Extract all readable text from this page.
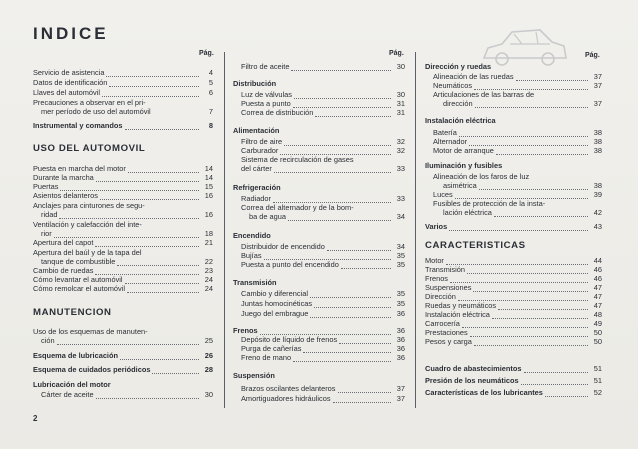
INDICE
Pág.
Servicio de asistencia	4
Datos de identificación	5
Llaves del automóvil	6
Precauciones a observar en el pri-
mer período de uso del automóvil	7
Instrumental y comandos	8
USO DEL AUTOMOVIL
Puesta en marcha del motor	14
Durante la marcha	14
Puertas	15
Asientos delanteros	16
Anclajes para cinturones de segu-
ridad	16
Ventilación y calefacción del inte-
rior	18
Apertura del capot	21
Apertura del baúl y de la tapa del
tanque de combustible	22
Cambio de ruedas	23
Cómo levantar el automóvil	24
Cómo remolcar el automóvil	24
MANUTENCION
Uso de los esquemas de manuten-
ción	25
Esquema de lubricación	26
Esquema de cuidados periódicos	28
Lubricación del motor
Cárter de aceite	30
Pág.
Filtro de aceite	30
Distribución
Luz de válvulas	30
Puesta a punto	31
Correa de distribución	31
Alimentación
Filtro de aire	32
Carburador	32
Sistema de recirculación de gases
del cárter	33
Refrigeración
Radiador	33
Correa del alternador y de la bom-
ba de agua	34
Encendido
Distribuidor de encendido	34
Bujías	35
Puesta a punto del encendido	35
Transmisión
Cambio y diferencial	35
Juntas homocinéticas	35
Juego del embrague	36
Frenos	36
Depósito de líquido de frenos	36
Purga de cañerías	36
Freno de mano	36
Suspensión
Brazos oscilantes delanteros	37
Amortiguadores hidráulicos	37
Pág.
Dirección y ruedas
Alineación de las ruedas	37
Neumáticos	37
Articulaciones de las barras de
dirección	37
Instalación eléctrica
Batería	38
Alternador	38
Motor de arranque	38
Iluminación y fusibles
Alineación de los faros de luz
asimétrica	38
Luces	39
Fusibles de protección de la insta-
lación eléctrica	42
Varios	43
CARACTERISTICAS
Motor	44
Transmisión	46
Frenos	46
Suspensiones	47
Dirección	47
Ruedas y neumáticos	47
Instalación eléctrica	48
Carrocería	49
Prestaciones	50
Pesos y carga	50
Cuadro de abastecimientos	51
Presión de los neumáticos	51
Características de los lubricantes	52
2
